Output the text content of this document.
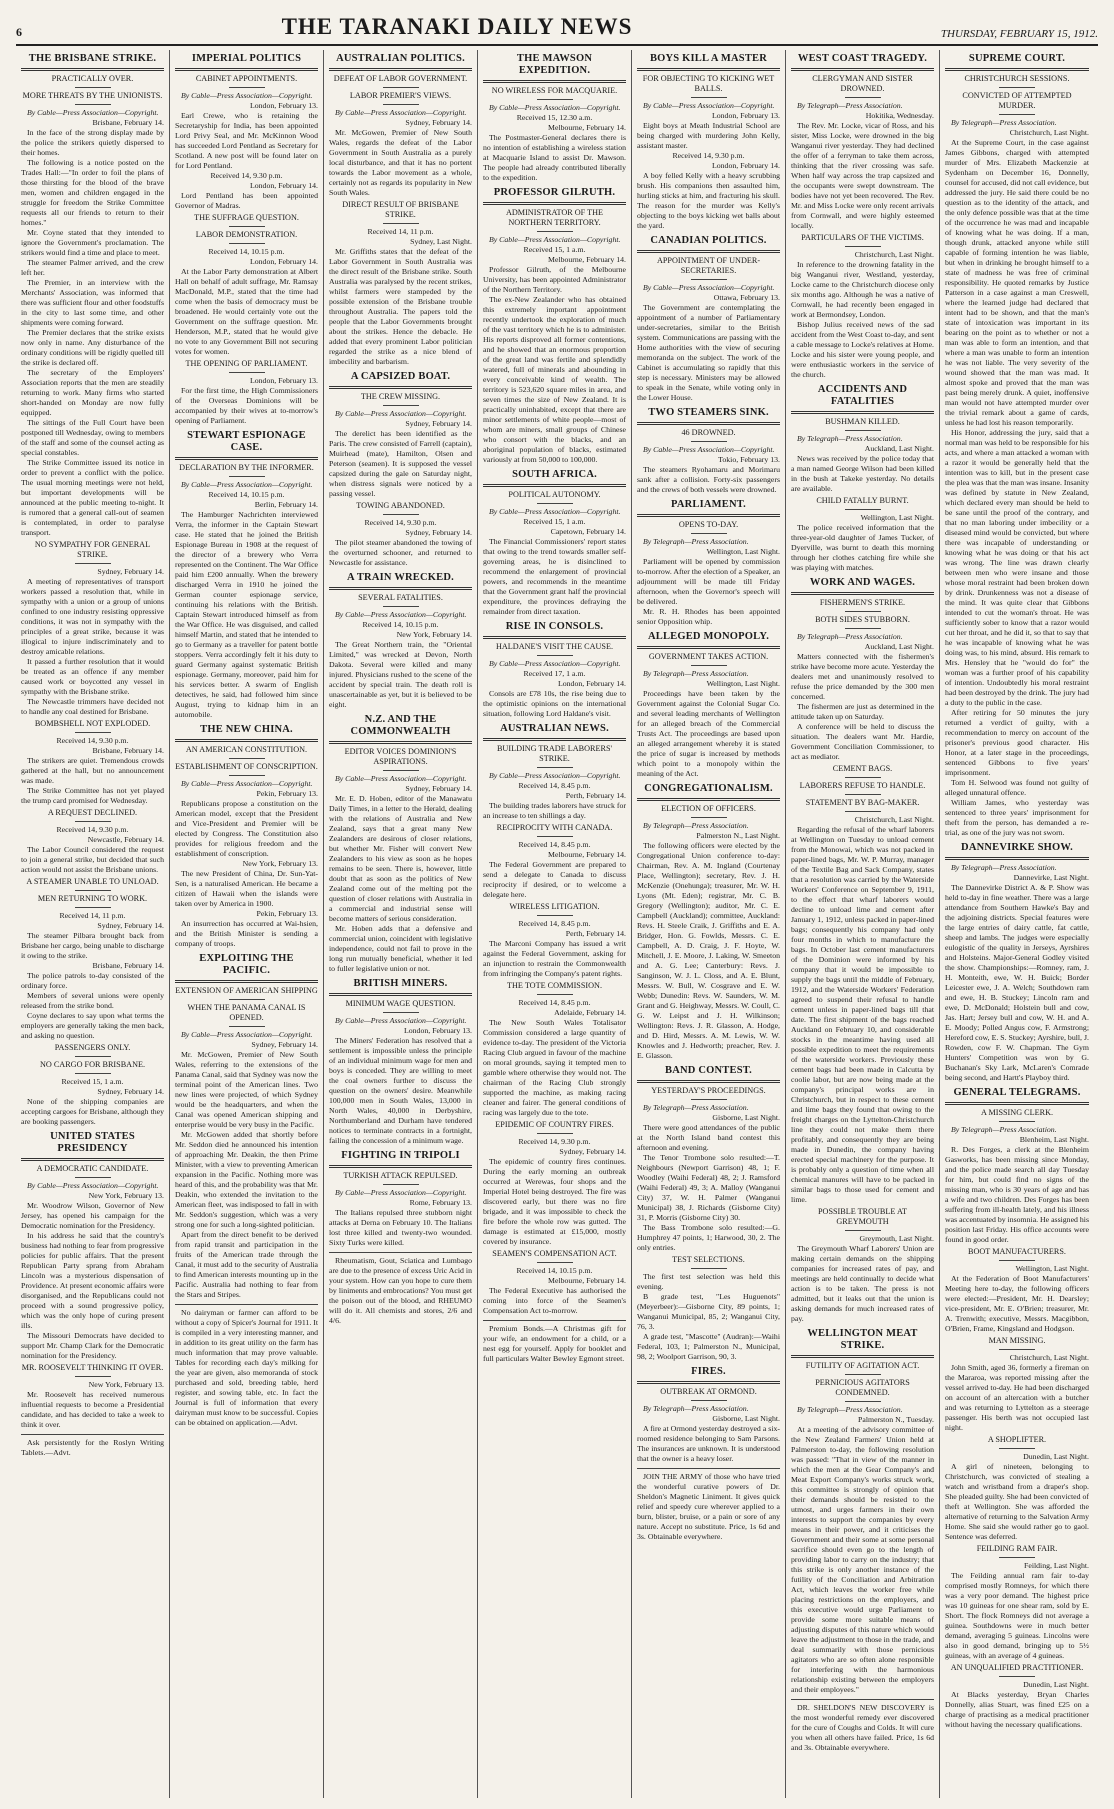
6	THE TARANAKI DAILY NEWS	THURSDAY, FEBRUARY 15, 1912.
THE BRISBANE STRIKE.
PRACTICALLY OVER.
MORE THREATS BY THE UNIONISTS.
By Cable—Press Association—Copyright.
Brisbane, February 14.

In the face of the strong display made by the police the strikers quietly dispersed to their homes.

The following is a notice posted on the Trades Hall:—"In order to foil the plans of those thirsting for the blood of the brave men, women and children engaged in the struggle for freedom the Strike Committee requests all our friends to return to their homes."

Mr. Coyne stated that they intended to ignore the Government's proclamation. The strikers would find a time and place to meet.

The steamer Palmer arrived, and the crew left her.

The Premier, in an interview with the Merchants' Association, was informed that there was sufficient flour and other foodstuffs in the city to last some time, and other shipments were coming forward.

The Premier declares that the strike exists now only in name. Any disturbance of the ordinary conditions will be rigidly quelled till the strike is declared off.

The secretary of the Employers' Association reports that the men are steadily returning to work. Many firms who started short-handed on Monday are now fully equipped.

The sittings of the Full Court have been postponed till Wednesday, owing to members of the staff and some of the counsel acting as special constables.

The Strike Committee issued its notice in order to prevent a conflict with the police. The usual morning meetings were not held, but important developments will be announced at the public meeting to-night. It is rumored that a general call-out of seamen is contemplated, in order to paralyse transport.

NO SYMPATHY FOR GENERAL STRIKE.
Sydney, February 14.

A meeting of representatives of transport workers passed a resolution that, while in sympathy with a union or a group of unions confined to one industry resisting oppressive conditions, it was not in sympathy with the principles of a great strike, because it was illogical to injure indiscriminately and to destroy amicable relations.

It passed a further resolution that it would be treated as an offence if any member caused work or boycotted any vessel in sympathy with the Brisbane strike.

The Newcastle trimmers have decided not to handle any coal destined for Brisbane.

BOMBSHELL NOT EXPLODED.
Received 14, 9.30 p.m.
Brisbane, February 14.

The strikers are quiet. Tremendous crowds gathered at the hall, but no announcement was made.

The Strike Committee has not yet played the trump card promised for Wednesday.

A REQUEST DECLINED.
Received 14, 9.30 p.m.
Newcastle, February 14.

The Labor Council considered the request to join a general strike, but decided that such action would not assist the Brisbane unions.

A STEAMER UNABLE TO UNLOAD.
MEN RETURNING TO WORK.
Received 14, 11 p.m.
Sydney, February 14.

The steamer Pilbara brought back from Brisbane her cargo, being unable to discharge it owing to the strike.

Brisbane, February 14.

The police patrols to-day consisted of the ordinary force.

Members of several unions were openly released from the strike bond.

Coyne declares to say upon what terms the employers are generally taking the men back, and asking no question.

PASSENGERS ONLY.
NO CARGO FOR BRISBANE.
Received 15, 1 a.m.
Sydney, February 14.

None of the shipping companies are accepting cargoes for Brisbane, although they are booking passengers.

UNITED STATES PRESIDENCY
A DEMOCRATIC CANDIDATE.
By Cable—Press Association—Copyright.
New York, February 13.

Mr. Woodrow Wilson, Governor of New Jersey, has opened his campaign for the Democratic nomination for the Presidency.

In his address he said that the country's business had nothing to fear from progressive policies for public affairs. That the present Republican Party sprang from Abraham Lincoln was a mysterious dispensation of Providence. At present economic affairs were disorganised, and the Republicans could not proceed with a sound progressive policy, which was the only hope of curing present ills.

The Missouri Democrats have decided to support Mr. Champ Clark for the Democratic nomination for the Presidency.

MR. ROOSEVELT THINKING IT OVER.
New York, February 13.

Mr. Roosevelt has received numerous influential requests to become a Presidential candidate, and has decided to take a week to think it over.

Ask persistently for the Roslyn Writing Tablets.—Advt.
IMPERIAL POLITICS
CABINET APPOINTMENTS.
By Cable—Press Association—Copyright.
London, February 13.

Earl Crewe, who is retaining the Secretaryship for India, has been appointed Lord Privy Seal, and Mr. McKinnon Wood has succeeded Lord Pentland as Secretary for Scotland. A new post will be found later on for Lord Pentland.

Received 14, 9.30 p.m.
London, February 14.

Lord Pentland has been appointed Governor of Madras.

THE SUFFRAGE QUESTION.
LABOR DEMONSTRATION.
Received 14, 10.15 p.m.
London, February 14.

At the Labor Party demonstration at Albert Hall on behalf of adult suffrage, Mr. Ramsay MacDonald, M.P., stated that the time had come when the basis of democracy must be broadened. He would certainly vote out the Government on the suffrage question. Mr. Henderson, M.P., stated that he would give no vote to any Government Bill not securing votes for women.

THE OPENING OF PARLIAMENT.
London, February 13.

For the first time, the High Commissioners of the Overseas Dominions will be accompanied by their wives at to-morrow's opening of Parliament.

STEWART ESPIONAGE CASE.
DECLARATION BY THE INFORMER.
By Cable—Press Association—Copyright.
Received 14, 10.15 p.m.
Berlin, February 14.

The Hamburger Nachrichten interviewed Verra, the informer in the Captain Stewart case. He stated that he joined the British Espionage Bureau in 1908 at the request of the director of a brewery who Verra represented on the Continent. The War Office paid him £200 annually. When the brewery discharged Verra in 1910 he joined the German counter espionage service, continuing his relations with the British. Captain Stewart introduced himself as from the War Office. He was disguised, and called himself Martin, and stated that he intended to go to Germany as a traveller for patent bottle stoppers. Verra accordingly felt it his duty to guard Germany against systematic British espionage. Germany, moreover, paid him for his services better. A swarm of English detectives, he said, had followed him since August, trying to kidnap him in an automobile.

THE NEW CHINA.
AN AMERICAN CONSTITUTION.
ESTABLISHMENT OF CONSCRIPTION.
By Cable—Press Association—Copyright.
Pekin, February 13.

Republicans propose a constitution on the American model, except that the President and Vice-President and Premier will be elected by Congress. The Constitution also provides for religious freedom and the establishment of conscription.

New York, February 13.

The new President of China, Dr. Sun-Yat-Sen, is a naturalised American. He became a citizen of Hawaii when the islands were taken over by America in 1900.

Pekin, February 13.

An insurrection has occurred at Wai-hsien, and the British Minister is sending a company of troops.

EXPLOITING THE PACIFIC.
EXTENSION OF AMERICAN SHIPPING
WHEN THE PANAMA CANAL IS OPENED.
By Cable—Press Association—Copyright.
Sydney, February 14.

Mr. McGowen, Premier of New South Wales, referring to the extensions of the Panama Canal, said that Sydney was now the terminal point of the American lines. Two new lines were projected, of which Sydney would be the headquarters, and when the Canal was opened American shipping and enterprise would be very busy in the Pacific.

Mr. McGowen added that shortly before Mr. Seddon died he announced his intention of approaching Mr. Deakin, the then Prime Minister, with a view to preventing American expansion in the Pacific. Nothing more was heard of this, and the probability was that Mr. Deakin, who extended the invitation to the American fleet, was indisposed to fall in with Mr. Seddon's suggestion, which was a very strong one for such a long-sighted politician.

Apart from the direct benefit to be derived from rapid transit and participation in the fruits of the American trade through the Canal, it must add to the security of Australia to find American interests mounting up in the Pacific. Australia had nothing to fear from the Stars and Stripes.

No dairyman or farmer can afford to be without a copy of Spicer's Journal for 1911. It is compiled in a very interesting manner, and in addition to its great utility on the farm has much information that may prove valuable. Tables for recording each day's milking for the year are given, also memoranda of stock purchased and sold, breeding table, herd register, and sowing table, etc. In fact the Journal is full of information that every dairyman must know to be successful. Copies can be obtained on application.—Advt.
AUSTRALIAN POLITICS.
DEFEAT OF LABOR GOVERNMENT.
LABOR PREMIER'S VIEWS.
By Cable—Press Association—Copyright.
Sydney, February 14.

Mr. McGowen, Premier of New South Wales, regards the defeat of the Labor Government in South Australia as a purely local disturbance, and that it has no portent towards the Labor movement as a whole, certainly not as regards its popularity in New South Wales.

DIRECT RESULT OF BRISBANE STRIKE.
Received 14, 11 p.m.
Sydney, Last Night.

Mr. Griffiths states that the defeat of the Labor Government in South Australia was the direct result of the Brisbane strike. South Australia was paralysed by the recent strikes, whilst farmers were stampeded by the possible extension of the Brisbane trouble throughout Australia. The papers told the people that the Labor Governments brought about the strikes. Hence the debacle. He added that every prominent Labor politician regarded the strike as a nice blend of imbecility and barbarism.

A CAPSIZED BOAT.
THE CREW MISSING.
By Cable—Press Association—Copyright.
Sydney, February 14.

The derelict has been identified as the Paris. The crew consisted of Farrell (captain), Muirhead (mate), Hamilton, Olsen and Peterson (seamen). It is supposed the vessel capsized during the gale on Saturday night, when distress signals were noticed by a passing vessel.

TOWING ABANDONED.
Received 14, 9.30 p.m.
Sydney, February 14.

The pilot steamer abandoned the towing of the overturned schooner, and returned to Newcastle for assistance.

A TRAIN WRECKED.
SEVERAL FATALITIES.
By Cable—Press Association—Copyright.
Received 14, 10.15 p.m.
New York, February 14.

The Great Northern train, the "Oriental Limited," was wrecked at Devon, North Dakota. Several were killed and many injured. Physicians rushed to the scene of the accident by special train. The death roll is unascertainable as yet, but it is believed to be eight.

N.Z. AND THE COMMONWEALTH
EDITOR VOICES DOMINION'S ASPIRATIONS.
By Cable—Press Association—Copyright.
Sydney, February 14.

Mr. E. D. Hoben, editor of the Manawatu Daily Times, in a letter to the Herald, dealing with the relations of Australia and New Zealand, says that a great many New Zealanders are desirous of closer relations, but whether Mr. Fisher will convert New Zealanders to his view as soon as he hopes remains to be seen. There is, however, little doubt that as soon as the politics of New Zealand come out of the melting pot the question of closer relations with Australia in a commercial and industrial sense will become matters of serious consideration.

Mr. Hoben adds that a defensive and commercial union, coincident with legislative independence, could not fail to prove in the long run mutually beneficial, whether it led to fuller legislative union or not.

BRITISH MINERS.
MINIMUM WAGE QUESTION.
By Cable—Press Association—Copyright.
London, February 13.

The Miners' Federation has resolved that a settlement is impossible unless the principle of an individual minimum wage for men and boys is conceded. They are willing to meet the coal owners further to discuss the question on the owners' desire. Meanwhile 100,000 men in South Wales, 13,000 in North Wales, 40,000 in Derbyshire, Northumberland and Durham have tendered notices to terminate contracts in a fortnight, failing the concession of a minimum wage.

FIGHTING IN TRIPOLI
TURKISH ATTACK REPULSED.
By Cable—Press Association—Copyright.
Rome, February 13.

The Italians repulsed three stubborn night attacks at Derna on February 10. The Italians lost three killed and twenty-two wounded. Sixty Turks were killed.

Rheumatism, Gout, Sciatica and Lumbago are due to the presence of excess Uric Acid in your system. How can you hope to cure them by liniments and embrocations? You must get the poison out of the blood, and RHEUMO will do it. All chemists and stores, 2/6 and 4/6.
THE MAWSON EXPEDITION.
NO WIRELESS FOR MACQUARIE.
By Cable—Press Association—Copyright.
Received 15, 12.30 a.m.
Melbourne, February 14.

The Postmaster-General declares there is no intention of establishing a wireless station at Macquarie Island to assist Dr. Mawson. The people had already contributed liberally to the expedition.

PROFESSOR GILRUTH.
ADMINISTRATOR OF THE NORTHERN TERRITORY.
By Cable—Press Association—Copyright.
Received 15, 1 a.m.
Melbourne, February 14.

Professor Gilruth, of the Melbourne University, has been appointed Administrator of the Northern Territory.

The ex-New Zealander who has obtained this extremely important appointment recently undertook the exploration of much of the vast territory which he is to administer. His reports disproved all former contentions, and he showed that an enormous proportion of the great land was fertile and splendidly watered, full of minerals and abounding in every conceivable kind of wealth. The territory is 523,620 square miles in area, and seven times the size of New Zealand. It is practically uninhabited, except that there are minor settlements of white people—most of whom are miners, small groups of Chinese who consort with the blacks, and an aboriginal population of blacks, estimated variously at from 50,000 to 100,000.

SOUTH AFRICA.
POLITICAL AUTONOMY.
By Cable—Press Association—Copyright.
Received 15, 1 a.m.
Capetown, February 14.

The Financial Commissioners' report states that owing to the trend towards smaller self-governing areas, he is disinclined to recommend the enlargement of provincial powers, and recommends in the meantime that the Government grant half the provincial expenditure, the provinces defraying the remainder from direct taxation.

RISE IN CONSOLS.
HALDANE'S VISIT THE CAUSE.
By Cable—Press Association—Copyright.
Received 17, 1 a.m.
London, February 14.

Consols are £78 10s, the rise being due to the optimistic opinions on the international situation, following Lord Haldane's visit.

AUSTRALIAN NEWS.
BUILDING TRADE LABORERS' STRIKE.
By Cable—Press Association—Copyright.
Received 14, 8.45 p.m.
Perth, February 14.

The building trades laborers have struck for an increase to ten shillings a day.

RECIPROCITY WITH CANADA.
Received 14, 8.45 p.m.
Melbourne, February 14.

The Federal Government are prepared to send a delegate to Canada to discuss reciprocity if desired, or to welcome a delegate here.

WIRELESS LITIGATION.
Received 14, 8.45 p.m.
Perth, February 14.

The Marconi Company has issued a writ against the Federal Government, asking for an injunction to restrain the Commonwealth from infringing the Company's patent rights.

THE TOTE COMMISSION.
Received 14, 8.45 p.m.
Adelaide, February 14.

The New South Wales Totalisator Commission considered a large quantity of evidence to-day. The president of the Victoria Racing Club argued in favour of the machine on moral grounds, saying it tempted men to gamble where otherwise they would not. The chairman of the Racing Club strongly supported the machine, as making racing cleaner and fairer. The general conditions of racing was largely due to the tote.

EPIDEMIC OF COUNTRY FIRES.
Received 14, 9.30 p.m.
Sydney, February 14.

The epidemic of country fires continues. During the early morning an outbreak occurred at Werewas, four shops and the Imperial Hotel being destroyed. The fire was discovered early, but there was no fire brigade, and it was impossible to check the fire before the whole row was gutted. The damage is estimated at £15,000, mostly covered by insurance.

SEAMEN'S COMPENSATION ACT.
Received 14, 10.15 p.m.
Melbourne, February 14.

The Federal Executive has authorised the coming into force of the Seamen's Compensation Act to-morrow.

Premium Bonds.—A Christmas gift for your wife, an endowment for a child, or a nest egg for yourself. Apply for booklet and full particulars Walter Bewley Egmont street.
BOYS KILL A MASTER
FOR OBJECTING TO KICKING WET BALLS.
By Cable—Press Association—Copyright.
London, February 13.

Eight boys at Meath Industrial School are being charged with murdering John Kelly, assistant master.

Received 14, 9.30 p.m.
London, February 14.

A boy felled Kelly with a heavy scrubbing brush. His companions then assaulted him, hurling sticks at him, and fracturing his skull. The reason for the murder was Kelly's objecting to the boys kicking wet balls about the yard.

CANADIAN POLITICS.
APPOINTMENT OF UNDER-SECRETARIES.
By Cable—Press Association—Copyright.
Ottawa, February 13.

The Government are contemplating the appointment of a number of Parliamentary under-secretaries, similar to the British system. Communications are passing with the Home authorities with the view of securing memoranda on the subject. The work of the Cabinet is accumulating so rapidly that this step is necessary. Ministers may be allowed to speak in the Senate, while voting only in the Lower House.

TWO STEAMERS SINK.
46 DROWNED.
By Cable—Press Association—Copyright.
Tokio, February 13.

The steamers Ryohamaru and Morimaru sank after a collision. Forty-six passengers and the crews of both vessels were drowned.

PARLIAMENT.
OPENS TO-DAY.
By Telegraph—Press Association.
Wellington, Last Night.

Parliament will be opened by commission to-morrow. After the election of a Speaker, an adjournment will be made till Friday afternoon, when the Governor's speech will be delivered.

Mr. R. H. Rhodes has been appointed senior Opposition whip.

ALLEGED MONOPOLY.
GOVERNMENT TAKES ACTION.
By Telegraph—Press Association.
Wellington, Last Night.

Proceedings have been taken by the Government against the Colonial Sugar Co. and several leading merchants of Wellington for an alleged breach of the Commercial Trusts Act. The proceedings are based upon an alleged arrangement whereby it is stated the price of sugar is increased by methods which point to a monopoly within the meaning of the Act.

CONGREGATIONALISM.
ELECTION OF OFFICERS.
By Telegraph—Press Association.
Palmerston N., Last Night.

The following officers were elected by the Congregational Union conference to-day: Chairman, Rev. A. M. Ingland (Courtenay Place, Wellington); secretary, Rev. J. H. McKenzie (Onehunga); treasurer, Mr. W. H. Lyons (Mt. Eden); registrar, Mr. C. B. Gregory (Wellington); auditor, Mr. C. E. Campbell (Auckland); committee, Auckland: Revs. H. Steele Craik, J. Griffiths and E. A. Bridger, Hon. G. Fowlds, Messrs. C. E. Campbell, A. D. Craig, J. F. Hoyte, W. Mitchell, J. E. Moore, J. Laking, W. Smeeton and A. G. Lee; Canterbury: Revs. J. Sanginson, W. J. L. Closs, and A. E. Blunt, Messrs. W. Bull, W. Cosgrave and E. W. Webb; Dunedin: Revs. W. Saunders, W. M. Grant and G. Heighway, Messrs. W. Coull, C. G. W. Leipst and J. H. Wilkinson; Wellington: Revs. J. R. Glasson, A. Hodge, and D. Hird, Messrs. A. M. Lewis, W. W. Knowles and J. Hedworth; preacher, Rev. J. E. Glasson.

BAND CONTEST.
YESTERDAY'S PROCEEDINGS.
By Telegraph—Press Association.
Gisborne, Last Night.

There were good attendances of the public at the North Island band contest this afternoon and evening.

The Tenor Trombone solo resulted:—T. Neighbours (Newport Garrison) 48, 1; F. Woodley (Waihi Federal) 48, 2; J. Ramsford (Waihi Federal) 49, 3; A. Malloy (Wanganui City) 37, W. H. Palmer (Wanganui Municipal) 38, J. Richards (Gisborne City) 31, P. Morris (Gisborne City) 30.

The Bass Trombone solo resulted:—G. Humphrey 47 points, 1; Harwood, 30, 2. The only entries.

TEST SELECTIONS.

The first test selection was held this evening.

B grade test, "Les Huguenots" (Meyerbeer):—Gisborne City, 89 points, 1; Wanganui Municipal, 85, 2; Wanganui City, 76, 3.

A grade test, "Mascotte" (Audran):—Waihi Federal, 103, 1; Palmerston N., Municipal, 98, 2; Woolport Garrison, 90, 3.

FIRES.
OUTBREAK AT ORMOND.
By Telegraph—Press Association.
Gisborne, Last Night.

A fire at Ormond yesterday destroyed a six-roomed residence belonging to Sam Parsons. The insurances are unknown. It is understood that the owner is a heavy loser.

JOIN THE ARMY of those who have tried the wonderful curative powers of Dr. Sheldon's Magnetic Liniment. It gives quick relief and speedy cure wherever applied to a burn, blister, bruise, or a pain or sore of any nature. Accept no substitute. Price, 1s 6d and 3s. Obtainable everywhere.
WEST COAST TRAGEDY.
CLERGYMAN AND SISTER DROWNED.
By Telegraph—Press Association.
Hokitika, Wednesday.

The Rev. Mr. Locke, vicar of Ross, and his sister, Miss Locke, were drowned in the big Wanganui river yesterday. They had declined the offer of a ferryman to take them across, thinking that the river crossing was safe. When half way across the trap capsized and the occupants were swept downstream. The bodies have not yet been recovered. The Rev. Mr. and Miss Locke were only recent arrivals from Cornwall, and were highly esteemed locally.

PARTICULARS OF THE VICTIMS.
Christchurch, Last Night.

In reference to the drowning fatality in the big Wanganui river, Westland, yesterday, Locke came to the Christchurch diocese only six months ago. Although he was a native of Cornwall, he had recently been engaged in work at Bermondsey, London.

Bishop Julius received news of the sad accident from the West Coast to-day, and sent a cable message to Locke's relatives at Home. Locke and his sister were young people, and were enthusiastic workers in the service of the church.

ACCIDENTS AND FATALITIES
BUSHMAN KILLED.
By Telegraph—Press Association.
Auckland, Last Night.

News was received by the police today that a man named George Wilson had been killed in the bush at Takeke yesterday. No details are available.

CHILD FATALLY BURNT.
Wellington, Last Night.

The police received information that the three-year-old daughter of James Tucker, of Dyerville, was burnt to death this morning through her clothes catching fire while she was playing with matches.

WORK AND WAGES.
FISHERMEN'S STRIKE.
BOTH SIDES STUBBORN.
By Telegraph—Press Association.
Auckland, Last Night.

Matters connected with the fishermen's strike have become more acute. Yesterday the dealers met and unanimously resolved to refuse the price demanded by the 300 men concerned.

The fishermen are just as determined in the attitude taken up on Saturday.

A conference will be held to discuss the situation. The dealers want Mr. Hardie, Government Conciliation Commissioner, to act as mediator.

CEMENT BAGS.
LABORERS REFUSE TO HANDLE.
STATEMENT BY BAG-MAKER.
Christchurch, Last Night.

Regarding the refusal of the wharf laborers at Wellington on Tuesday to unload cement from the Monowai, which was not packed in paper-lined bags, Mr. W. P. Murray, manager of the Textile Bag and Sack Company, states that a resolution was carried by the Waterside Workers' Conference on September 9, 1911, to the effect that wharf laborers would decline to unload lime and cement after January 1, 1912, unless packed in paper-lined bags; consequently his company had only four months in which to manufacture the bags. In October last cement manufacturers of the Dominion were informed by his company that it would be impossible to supply the bags until the middle of February, 1912, and the Waterside Workers' Federation agreed to suspend their refusal to handle cement unless in paper-lined bags till that date. The first shipment of the bags reached Auckland on February 10, and considerable stocks in the meantime having used all possible expedition to meet the requirements of the waterside workers. Previously these cement bags had been made in Calcutta by coolie labor, but are now being made at the company's principal works are in Christchurch, but in respect to these cement and lime bags they found that owing to the freight charges on the Lyttelton-Christchurch line they could not make them there profitably, and consequently they are being made in Dunedin, the company having erected special machinery for the purpose. It is probably only a question of time when all chemical manures will have to be packed in similar bags to those used for cement and lime.

POSSIBLE TROUBLE AT GREYMOUTH
Greymouth, Last Night.

The Greymouth Wharf Laborers' Union are making certain demands on the shipping companies for increased rates of pay, and meetings are held continually to decide what action is to be taken. The press is not admitted, but it leaks out that the union is asking demands for much increased rates of pay.

WELLINGTON MEAT STRIKE.
FUTILITY OF AGITATION ACT.
PERNICIOUS AGITATORS CONDEMNED.
By Telegraph—Press Association.
Palmerston N., Tuesday.

At a meeting of the advisory committee of the New Zealand Farmers' Union held at Palmerston to-day, the following resolution was passed: "That in view of the manner in which the men at the Gear Company's and Meat Export Company's works struck work, this committee is strongly of opinion that their demands should be resisted to the utmost, and urges farmers in their own interests to support the companies by every means in their power, and it criticises the Government and their some at some personal sacrifice should even go to the length of providing labor to carry on the industry; that this strike is only another instance of the futility of the Conciliation and Arbitration Act, which leaves the worker free while placing restrictions on the employers, and this executive would urge Parliament to provide some more suitable means of adjusting disputes of this nature which would leave the adjustment to those in the trade, and deal summarily with those pernicious agitators who are so often alone responsible for interfering with the harmonious relationship existing between the employers and their employees."

DR. SHELDON'S NEW DISCOVERY is the most wonderful remedy ever discovered for the cure of Coughs and Colds. It will cure you when all others have failed. Price, 1s 6d and 3s. Obtainable everywhere.
SUPREME COURT.
CHRISTCHURCH SESSIONS.
CONVICTED OF ATTEMPTED MURDER.
By Telegraph—Press Association.
Christchurch, Last Night.

At the Supreme Court, in the case against James Gibbons, charged with attempted murder of Mrs. Elizabeth Mackenzie at Sydenham on December 16, Donnelly, counsel for accused, did not call evidence, but addressed the jury. He said there could be no question as to the identity of the attack, and the only defence possible was that at the time of the occurrence he was mad and incapable of knowing what he was doing. If a man, though drunk, attacked anyone while still capable of forming intention he was liable, but when in drinking he brought himself to a state of madness he was free of criminal responsibility. He quoted remarks by Justice Patterson in a case against a man Creswell, where the learned judge had declared that intent had to be shown, and that the man's state of intoxication was important in its bearing on the point as to whether or not a man was able to form an intention, and that where a man was unable to form an intention he was not liable. The very severity of the wound showed that the man was mad. It almost spoke and proved that the man was past being merely drunk. A quiet, inoffensive man would not have attempted murder over the trivial remark about a game of cards, unless he had lost his reason temporarily.

His Honor, addressing the jury, said that a normal man was held to be responsible for his acts, and where a man attacked a woman with a razor it would be generally held that the intention was to kill, but in the present case the plea was that the man was insane. Insanity was defined by statute in New Zealand, which declared every man should be held to be sane until the proof of the contrary, and that no man laboring under imbecility or a diseased mind would be convicted, but where there was incapable of understanding or knowing what he was doing or that his act was wrong. The line was drawn clearly between men who were insane and those whose moral restraint had been broken down by drink. Drunkenness was not a disease of the mind. It was quite clear that Gibbons intended to cut the woman's throat. He was sufficiently sober to know that a razor would cut her throat, and he did it, so that to say that he was incapable of knowing what he was doing was, to his mind, absurd. His remark to Mrs. Hensley that he "would do for" the woman was a further proof of his capability of intention. Undoubtedly his moral restraint had been destroyed by the drink. The jury had a duty to the public in the case.

After retiring for 50 minutes the jury returned a verdict of guilty, with a recommendation to mercy on account of the prisoner's previous good character. His Honor, at a later stage in the proceedings, sentenced Gibbons to five years' imprisonment.

Tom H. Selwood was found not guilty of alleged unnatural offence.

William James, who yesterday was sentenced to three years' imprisonment for theft from the person, has demanded a re-trial, as one of the jury was not sworn.

DANNEVIRKE SHOW.
By Telegraph—Press Association.
Dannevirke, Last Night.

The Dannevirke District A. & P. Show was held to-day in fine weather. There was a large attendance from Southern Hawke's Bay and the adjoining districts. Special features were the large entries of dairy cattle, fat cattle, sheep and lambs. The judges were especially eulogistic of the quality in Jerseys, Ayrshires and Holsteins. Major-General Godley visited the show. Championships:—Romney, ram, J. H. Monteith, ewe, W. H. Buick; Border Leicester ewe, J. A. Welch; Southdown ram and ewe, H. B. Stuckey; Lincoln ram and ewe, D. McDonald; Holstein bull and cow, Jas. Hart; Jersey bull and cow, W. H. and A. E. Moody; Polled Angus cow, F. Armstrong; Hereford cow, E. S. Stuckey; Ayrshire, bull, J. Rowden, cow F. W. Chapman. The Gym Hunters' Competition was won by G. Buchanan's Sky Lark, McLaren's Comrade being second, and Hartt's Playboy third.

GENERAL TELEGRAMS.
A MISSING CLERK.
By Telegraph—Press Association.
Blenheim, Last Night.

R. Des Forges, a clerk at the Blenheim Gasworks, has been missing since Monday, and the police made search all day Tuesday for him, but could find no signs of the missing man, who is 30 years of age and has a wife and two children. Des Forges has been suffering from ill-health lately, and his illness was accentuated by insomnia. He assigned his position last Friday. His office accounts were found in good order.

BOOT MANUFACTURERS.
Wellington, Last Night.

At the Federation of Boot Manufacturers' Meeting here to-day, the following officers were elected:—President, Mr. H. Dearsley; vice-president, Mr. E. O'Brien; treasurer, Mr. A. Trenwith; executive, Messrs. Macgibbon, O'Brien, Frame, Kingsland and Hodgson.

MAN MISSING.
Christchurch, Last Night.

John Smith, aged 36, formerly a fireman on the Mararoa, was reported missing after the vessel arrived to-day. He had been discharged on account of an altercation with a butcher and was returning to Lyttelton as a steerage passenger. His berth was not occupied last night.

A SHOPLIFTER.
Dunedin, Last Night.

A girl of nineteen, belonging to Christchurch, was convicted of stealing a watch and wristband from a draper's shop. She pleaded guilty. She had been convicted of theft at Wellington. She was afforded the alternative of returning to the Salvation Army Home. She said she would rather go to gaol. Sentence was deferred.

FEILDING RAM FAIR.
Feilding, Last Night.

The Feilding annual ram fair to-day comprised mostly Romneys, for which there was a very poor demand. The highest price was 10 guineas for one shear ram, sold by E. Short. The flock Romneys did not average a guinea. Southdowns were in much better demand, averaging 5 guineas. Lincolns were also in good demand, bringing up to 5½ guineas, with an average of 4 guineas.

AN UNQUALIFIED PRACTITIONER.
Dunedin, Last Night.

At Blacks yesterday, Bryan Charles Donnelly, alias Stuart, was fined £25 on a charge of practising as a medical practitioner without having the necessary qualifications.
